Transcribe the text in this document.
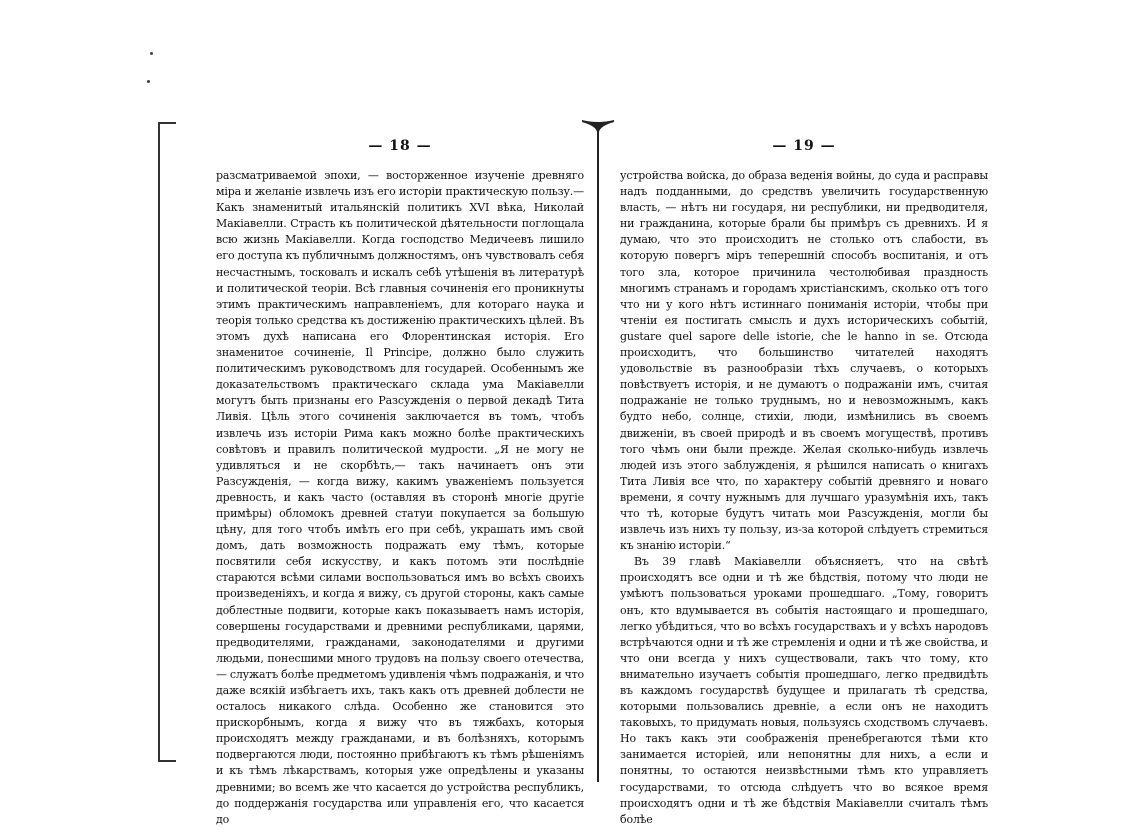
— 18 —

разсматриваемой эпохи, — восторженное изученіе древняго міра и желаніе извлечь изъ его исторіи практическую пользу.— Какъ знаменитый итальянскій политикъ XVI вѣка, Николай Макіавелли. Страсть къ политической дѣятельности поглощала всю жизнь Макіавелли. Когда господство Медичеевъ лишило его доступа къ публичнымъ должностямъ, онъ чувствовалъ себя несчастнымъ, тосковалъ и искалъ себѣ утѣшенія въ литературѣ и политической теоріи. Всѣ главныя сочиненія его проникнуты этимъ практическимъ направленіемъ, для котораго наука и теорія только средства къ достиженію практическихъ цѣлей. Въ этомъ духѣ написана его Флорентинская исторія. Его знаменитое сочиненіе, Il Principe, должно было служить политическимъ руководствомъ для государей. Особеннымъ же доказательствомъ практическаго склада ума Макіавелли могутъ быть признаны его Разсужденія о первой декадѣ Тита Ливія. Цѣль этого сочиненія заключается въ томъ, чтобъ извлечь изъ исторіи Рима какъ можно болѣе практическихъ совѣтовъ и правилъ политической мудрости. „Я не могу не удивляться и не скорбѣть,— такъ начинаетъ онъ эти Разсужденія, — когда вижу, какимъ уваженіемъ пользуется древность, и какъ часто (оставляя въ сторонѣ многіе другіе примѣры) обломокъ древней статуи покупается за большую цѣну, для того чтобъ имѣть его при себѣ, украшать имъ свой домъ, дать возможность подражать ему тѣмъ, которые посвятили себя искусству, и какъ потомъ эти послѣдніе стараются всѣми силами воспользоваться имъ во всѣхъ своихъ произведеніяхъ, и когда я вижу, съ другой стороны, какъ самые доблестные подвиги, которые какъ показываетъ намъ исторія, совершены государствами и древними республиками, царями, предводителями, гражданами, законодателями и другими людьми, понесшими много трудовъ на пользу своего отечества, — служатъ болѣе предметомъ удивленія чѣмъ подражанія, и что даже всякій избѣгаетъ ихъ, такъ какъ отъ древней доблести не осталось никакого слѣда. Особенно же становится это прискорбнымъ, когда я вижу что въ тяжбахъ, которыя происходятъ между гражданами, и въ болѣзняхъ, которымъ подвергаются люди, постоянно прибѣгаютъ къ тѣмъ рѣшеніямъ и къ тѣмъ лѣкарствамъ, которыя уже опредѣлены и указаны древними; во всемъ же что касается до устройства республикъ, до поддержанія государства или управленія его, что касается до

— 19 —

устройства войска, до образа веденія войны, до суда и расправы надъ подданными, до средствъ увеличить государственную власть, — нѣтъ ни государя, ни республики, ни предводителя, ни гражданина, которые брали бы примѣръ съ древнихъ. И я думаю, что это происходитъ не столько отъ слабости, въ которую повергъ міръ теперешній способъ воспитанія, и отъ того зла, которое причинила честолюбивая праздность многимъ странамъ и городамъ христіанскимъ, сколько отъ того что ни у кого нѣтъ истиннаго пониманія исторіи, чтобы при чтеніи ея постигать смыслъ и духъ историческихъ событій, gustare quel sapore delle istorie, che le hanno in se. Отсюда происходитъ, что большинство читателей находятъ удовольствіе въ разнообразіи тѣхъ случаевъ, о которыхъ повѣствуетъ исторія, и не думаютъ о подражаніи имъ, считая подражаніе не только труднымъ, но и невозможнымъ, какъ будто небо, солнце, стихіи, люди, измѣнились въ своемъ движеніи, въ своей природѣ и въ своемъ могуществѣ, противъ того чѣмъ они были прежде. Желая сколько-нибудь извлечь людей изъ этого заблужденія, я рѣшился написать о книгахъ Тита Ливія все что, по характеру событій древняго и новаго времени, я сочту нужнымъ для лучшаго уразумѣнія ихъ, такъ что тѣ, которые будутъ читать мои Разсужденія, могли бы извлечь изъ нихъ ту пользу, из-за которой слѣдуетъ стремиться къ знанію исторіи.“

Въ 39 главѣ Макіавелли объясняетъ, что на свѣтѣ происходятъ все одни и тѣ же бѣдствія, потому что люди не умѣютъ пользоваться уроками прошедшаго. „Тому, говоритъ онъ, кто вдумывается въ событія настоящаго и прошедшаго, легко убѣдиться, что во всѣхъ государствахъ и у всѣхъ народовъ встрѣчаются одни и тѣ же стремленія и одни и тѣ же свойства, и что они всегда у нихъ существовали, такъ что тому, кто внимательно изучаетъ событія прошедшаго, легко предвидѣть въ каждомъ государствѣ будущее и прилагать тѣ средства, которыми пользовались древніе, а если онъ не находитъ таковыхъ, то придумать новыя, пользуясь сходствомъ случаевъ. Но такъ какъ эти соображенія пренебрегаются тѣми кто занимается исторіей, или непонятны для нихъ, а если и понятны, то остаются неизвѣстными тѣмъ кто управляетъ государствами, то отсюда слѣдуетъ что во всякое время происходятъ одни и тѣ же бѣдствія Макіавелли считалъ тѣмъ болѣе
